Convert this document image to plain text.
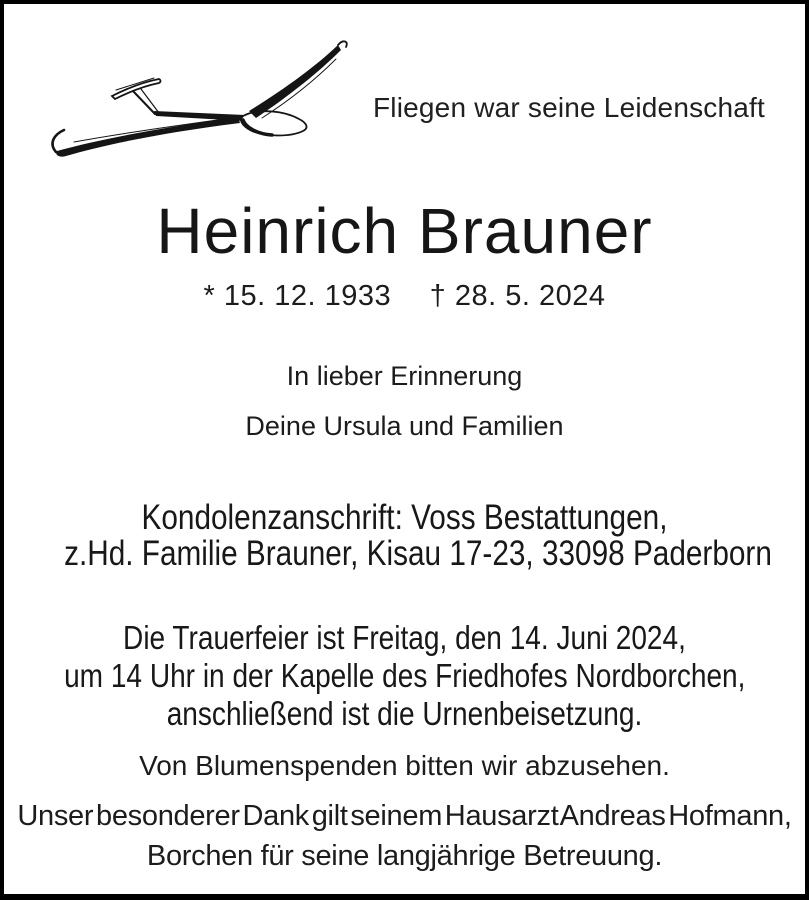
Fliegen war seine Leidenschaft
Heinrich Brauner
* 15. 12. 1933 † 28. 5. 2024
In lieber Erinnerung
Deine Ursula und Familien
Kondolenzanschrift: Voss Bestattungen,
z.Hd. Familie Brauner, Kisau 17-23, 33098 Paderborn
Die Trauerfeier ist Freitag, den 14. Juni 2024,
um 14 Uhr in der Kapelle des Friedhofes Nordborchen,
anschließend ist die Urnenbeisetzung.
Von Blumenspenden bitten wir abzusehen.
Unser besonderer Dank gilt seinem Hausarzt Andreas Hofmann,
Borchen für seine langjährige Betreuung.
